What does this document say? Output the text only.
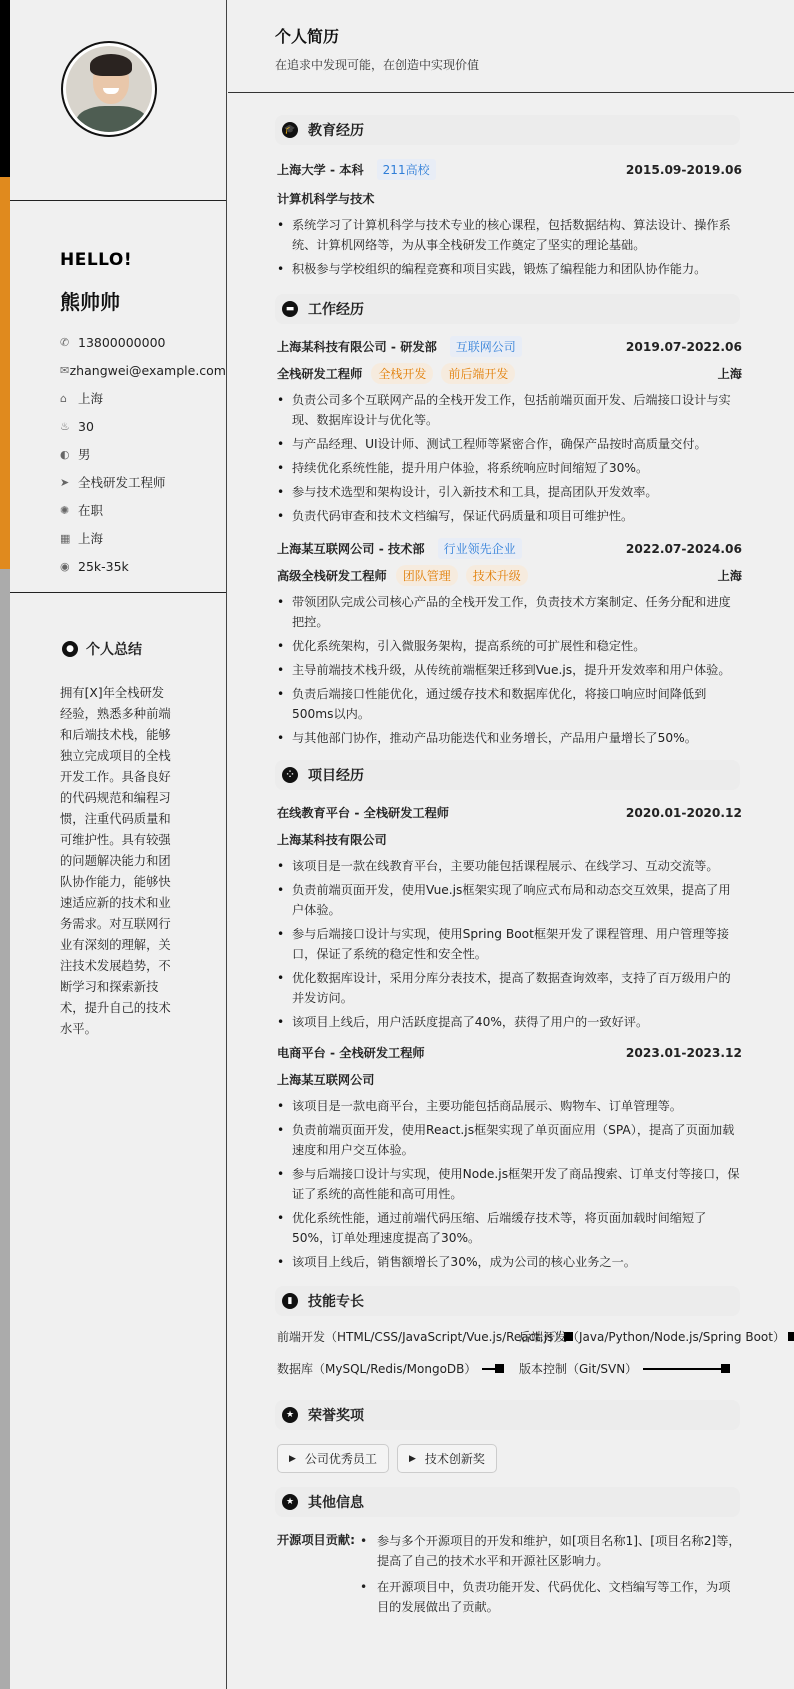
HELLO!
熊帅帅
✆ 13800000000
✉ zhangwei@example.com
⌂ 上海
♨ 30
◐ 男
➤ 全栈研发工程师
✺ 在职
▦ 上海
◉ 25k-35k
● 个人总结

拥有[X]年全栈研发经验，熟悉多种前端和后端技术栈，能够独立完成项目的全栈开发工作。具备良好的代码规范和编程习惯，注重代码质量和可维护性。具有较强的问题解决能力和团队协作能力，能够快速适应新的技术和业务需求。对互联网行业有深刻的理解，关注技术发展趋势，不断学习和探索新技术，提升自己的技术水平。

个人简历

在追求中发现可能，在创造中实现价值

🎓 教育经历
上海大学 - 本科	211高校	2015.09-2019.06
计算机科学与技术
• 系统学习了计算机科学与技术专业的核心课程，包括数据结构、算法设计、操作系统、计算机网络等，为从事全栈研发工作奠定了坚实的理论基础。
• 积极参与学校组织的编程竞赛和项目实践，锻炼了编程能力和团队协作能力。
▬ 工作经历
上海某科技有限公司 - 研发部	互联网公司	2019.07-2022.06
全栈研发工程师	全栈开发	前后端开发	上海
• 负责公司多个互联网产品的全栈开发工作，包括前端页面开发、后端接口设计与实现、数据库设计与优化等。
• 与产品经理、UI设计师、测试工程师等紧密合作，确保产品按时高质量交付。
• 持续优化系统性能，提升用户体验，将系统响应时间缩短了30%。
• 参与技术选型和架构设计，引入新技术和工具，提高团队开发效率。
• 负责代码审查和技术文档编写，保证代码质量和项目可维护性。
上海某互联网公司 - 技术部	行业领先企业	2022.07-2024.06
高级全栈研发工程师	团队管理	技术升级	上海
• 带领团队完成公司核心产品的全栈开发工作，负责技术方案制定、任务分配和进度把控。
• 优化系统架构，引入微服务架构，提高系统的可扩展性和稳定性。
• 主导前端技术栈升级，从传统前端框架迁移到Vue.js，提升开发效率和用户体验。
• 负责后端接口性能优化，通过缓存技术和数据库优化，将接口响应时间降低到500ms以内。
• 与其他部门协作，推动产品功能迭代和业务增长，产品用户量增长了50%。
⁘	项目经历
在线教育平台 - 全栈研发工程师	2020.01-2020.12
上海某科技有限公司
• 该项目是一款在线教育平台，主要功能包括课程展示、在线学习、互动交流等。
• 负责前端页面开发，使用Vue.js框架实现了响应式布局和动态交互效果，提高了用户体验。
• 参与后端接口设计与实现，使用Spring Boot框架开发了课程管理、用户管理等接口，保证了系统的稳定性和安全性。
• 优化数据库设计，采用分库分表技术，提高了数据查询效率，支持了百万级用户的并发访问。
• 该项目上线后，用户活跃度提高了40%，获得了用户的一致好评。
电商平台 - 全栈研发工程师	2023.01-2023.12
上海某互联网公司
• 该项目是一款电商平台，主要功能包括商品展示、购物车、订单管理等。
• 负责前端页面开发，使用React.js框架实现了单页面应用（SPA），提高了页面加载速度和用户交互体验。
• 参与后端接口设计与实现，使用Node.js框架开发了商品搜索、订单支付等接口，保证了系统的高性能和高可用性。
• 优化系统性能，通过前端代码压缩、后端缓存技术等，将页面加载时间缩短了50%，订单处理速度提高了30%。
• 该项目上线后，销售额增长了30%，成为公司的核心业务之一。
▮	技能专长
前端开发（HTML/CSS/JavaScript/Vue.js/React.js）
后端开发（Java/Python/Node.js/Spring Boot）
数据库（MySQL/Redis/MongoDB）	版本控制（Git/SVN）
★ 荣誉奖项
▶ 公司优秀员工	▶ 技术创新奖
★ 其他信息
开源项目贡献:
•	参与多个开源项目的开发和维护，如[项目名称1]、[项目名称2]等，提高了自己的技术水平和开源社区影响力。
• 在开源项目中，负责功能开发、代码优化、文档编写等工作，为项目的发展做出了贡献。
